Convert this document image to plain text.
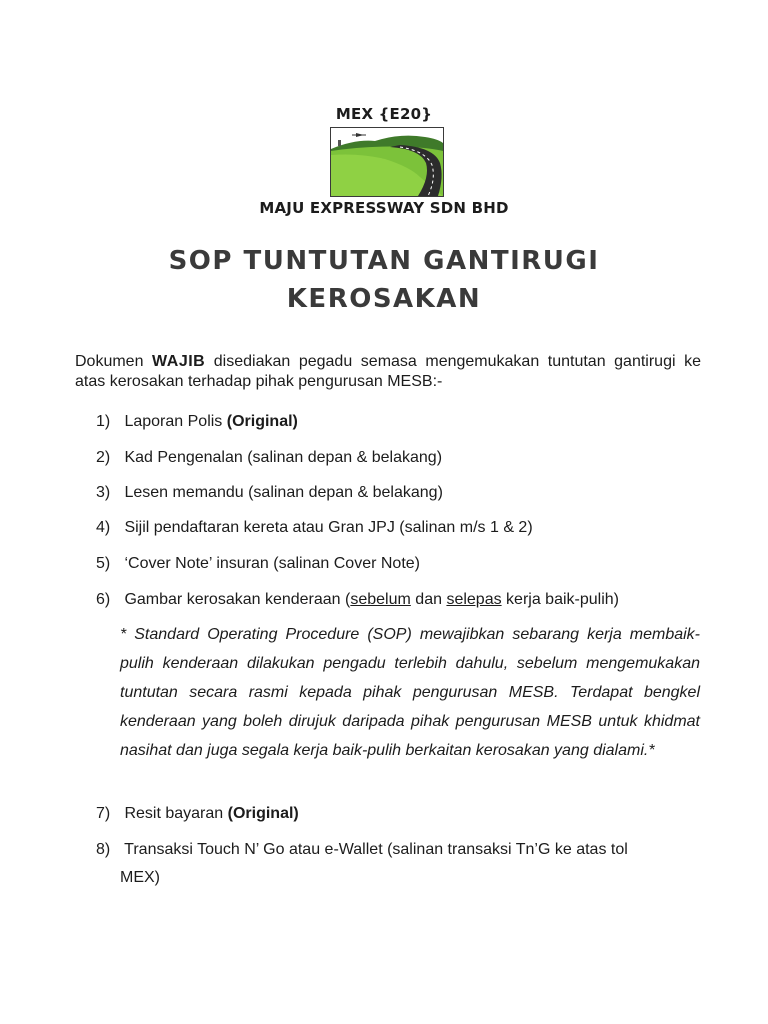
MEX {E20}
MAJU EXPRESSWAY SDN BHD
SOP TUNTUTAN GANTIRUGI
KEROSAKAN
Dokumen WAJIB disediakan pegadu semasa mengemukakan tuntutan gantirugi ke atas kerosakan terhadap pihak pengurusan MESB:-
1) Laporan Polis (Original)
2) Kad Pengenalan (salinan depan & belakang)
3) Lesen memandu (salinan depan & belakang)
4) Sijil pendaftaran kereta atau Gran JPJ (salinan m/s 1 & 2)
5) ‘Cover Note’ insuran (salinan Cover Note)
6) Gambar kerosakan kenderaan (sebelum dan selepas kerja baik-pulih)
* Standard Operating Procedure (SOP) mewajibkan sebarang kerja membaik-pulih kenderaan dilakukan pengadu terlebih dahulu, sebelum mengemukakan tuntutan secara rasmi kepada pihak pengurusan MESB. Terdapat bengkel kenderaan yang boleh dirujuk daripada pihak pengurusan MESB untuk khidmat nasihat dan juga segala kerja baik-pulih berkaitan kerosakan yang dialami.*
7) Resit bayaran (Original)
8) Transaksi Touch N’ Go atau e-Wallet (salinan transaksi Tn’G ke atas tol
MEX)
